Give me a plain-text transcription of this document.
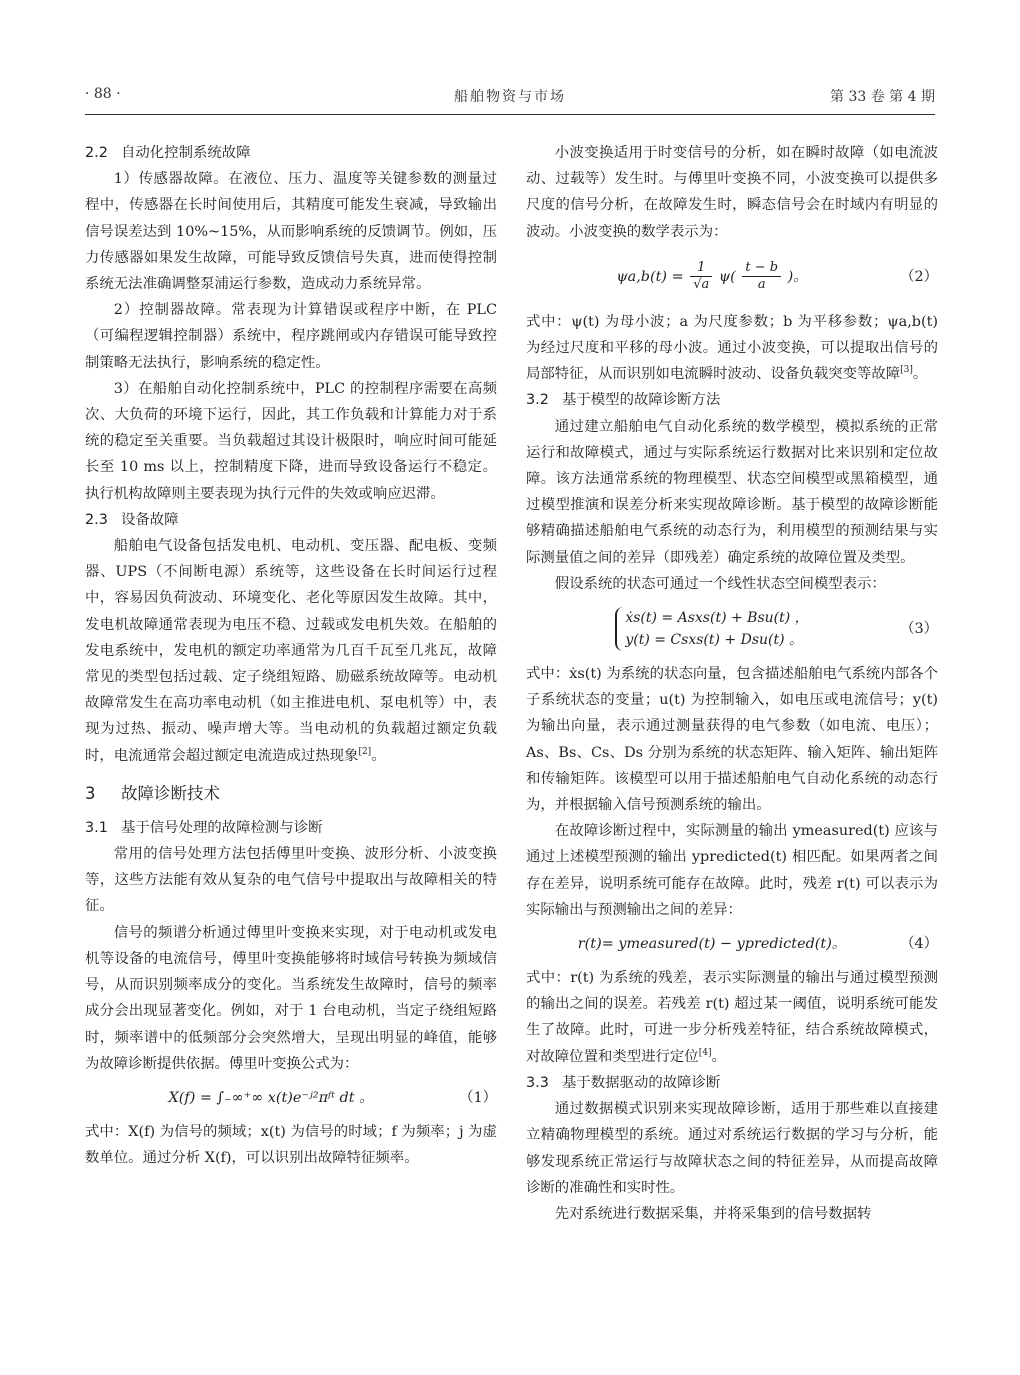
· 88 ·	船舶物资与市场	第 33 卷 第 4 期
2.2 自动化控制系统故障

1）传感器故障。在液位、压力、温度等关键参数的测量过程中，传感器在长时间使用后，其精度可能发生衰减，导致输出信号误差达到 10%~15%，从而影响系统的反馈调节。例如，压力传感器如果发生故障，可能导致反馈信号失真，进而使得控制系统无法准确调整泵浦运行参数，造成动力系统异常。

2）控制器故障。常表现为计算错误或程序中断，在 PLC（可编程逻辑控制器）系统中，程序跳闸或内存错误可能导致控制策略无法执行，影响系统的稳定性。

3）在船舶自动化控制系统中，PLC 的控制程序需要在高频次、大负荷的环境下运行，因此，其工作负载和计算能力对于系统的稳定至关重要。当负载超过其设计极限时，响应时间可能延长至 10 ms 以上，控制精度下降，进而导致设备运行不稳定。执行机构故障则主要表现为执行元件的失效或响应迟滞。

2.3 设备故障

船舶电气设备包括发电机、电动机、变压器、配电板、变频器、UPS（不间断电源）系统等，这些设备在长时间运行过程中，容易因负荷波动、环境变化、老化等原因发生故障。其中，发电机故障通常表现为电压不稳、过载或发电机失效。在船舶的发电系统中，发电机的额定功率通常为几百千瓦至几兆瓦，故障常见的类型包括过载、定子绕组短路、励磁系统故障等。电动机故障常发生在高功率电动机（如主推进电机、泵电机等）中，表现为过热、振动、噪声增大等。当电动机的负载超过额定负载时，电流通常会超过额定电流造成过热现象[2]。

3 故障诊断技术
3.1 基于信号处理的故障检测与诊断

常用的信号处理方法包括傅里叶变换、波形分析、小波变换等，这些方法能有效从复杂的电气信号中提取出与故障相关的特征。

信号的频谱分析通过傅里叶变换来实现，对于电动机或发电机等设备的电流信号，傅里叶变换能够将时域信号转换为频域信号，从而识别频率成分的变化。当系统发生故障时，信号的频率成分会出现显著变化。例如，对于 1 台电动机，当定子绕组短路时，频率谱中的低频部分会突然增大，呈现出明显的峰值，能够为故障诊断提供依据。傅里叶变换公式为：

X(f) = ∫₋∞⁺∞ x(t)e⁻ʲ²πᶠᵗ dt 。	（1）

式中：X(f) 为信号的频域；x(t) 为信号的时域；f 为频率；j 为虚数单位。通过分析 X(f)，可以识别出故障特征频率。

小波变换适用于时变信号的分析，如在瞬时故障（如电流波动、过载等）发生时。与傅里叶变换不同，小波变换可以提供多尺度的信号分析，在故障发生时，瞬态信号会在时域内有明显的波动。小波变换的数学表示为：

$\psi a,b(t) = \frac{1}{√a} \psi( \frac{t - b}{a}$ )。	（2）

式中：ψ(t) 为母小波；a 为尺度参数；b 为平移参数；ψa,b(t) 为经过尺度和平移的母小波。通过小波变换，可以提取出信号的局部特征，从而识别如电流瞬时波动、设备负载突变等故障[3]。

3.2 基于模型的故障诊断方法

通过建立船舶电气自动化系统的数学模型，模拟系统的正常运行和故障模式，通过与实际系统运行数据对比来识别和定位故障。该方法通常系统的物理模型、状态空间模型或黑箱模型，通过模型推演和误差分析来实现故障诊断。基于模型的故障诊断能够精确描述船舶电气系统的动态行为，利用模型的预测结果与实际测量值之间的差异（即残差）确定系统的故障位置及类型。

假设系统的状态可通过一个线性状态空间模型表示：

ẋs(t) = Asxs(t) + Bsu(t) ，
y(t) = Csxs(t) + Dsu(t) 。
（3）

式中：ẋs(t) 为系统的状态向量，包含描述船舶电气系统内部各个子系统状态的变量；u(t) 为控制输入，如电压或电流信号；y(t) 为输出向量，表示通过测量获得的电气参数（如电流、电压）；As、Bs、Cs、Ds 分别为系统的状态矩阵、输入矩阵、输出矩阵和传输矩阵。该模型可以用于描述船舶电气自动化系统的动态行为，并根据输入信号预测系统的输出。

在故障诊断过程中，实际测量的输出 ymeasured(t) 应该与通过上述模型预测的输出 ypredicted(t) 相匹配。如果两者之间存在差异，说明系统可能存在故障。此时，残差 r(t) 可以表示为实际输出与预测输出之间的差异：

r(t)= ymeasured(t) − ypredicted(t)。	（4）

式中：r(t) 为系统的残差，表示实际测量的输出与通过模型预测的输出之间的误差。若残差 r(t) 超过某一阈值，说明系统可能发生了故障。此时，可进一步分析残差特征，结合系统故障模式，对故障位置和类型进行定位[4]。

3.3 基于数据驱动的故障诊断

通过数据模式识别来实现故障诊断，适用于那些难以直接建立精确物理模型的系统。通过对系统运行数据的学习与分析，能够发现系统正常运行与故障状态之间的特征差异，从而提高故障诊断的准确性和实时性。

先对系统进行数据采集，并将采集到的信号数据转
